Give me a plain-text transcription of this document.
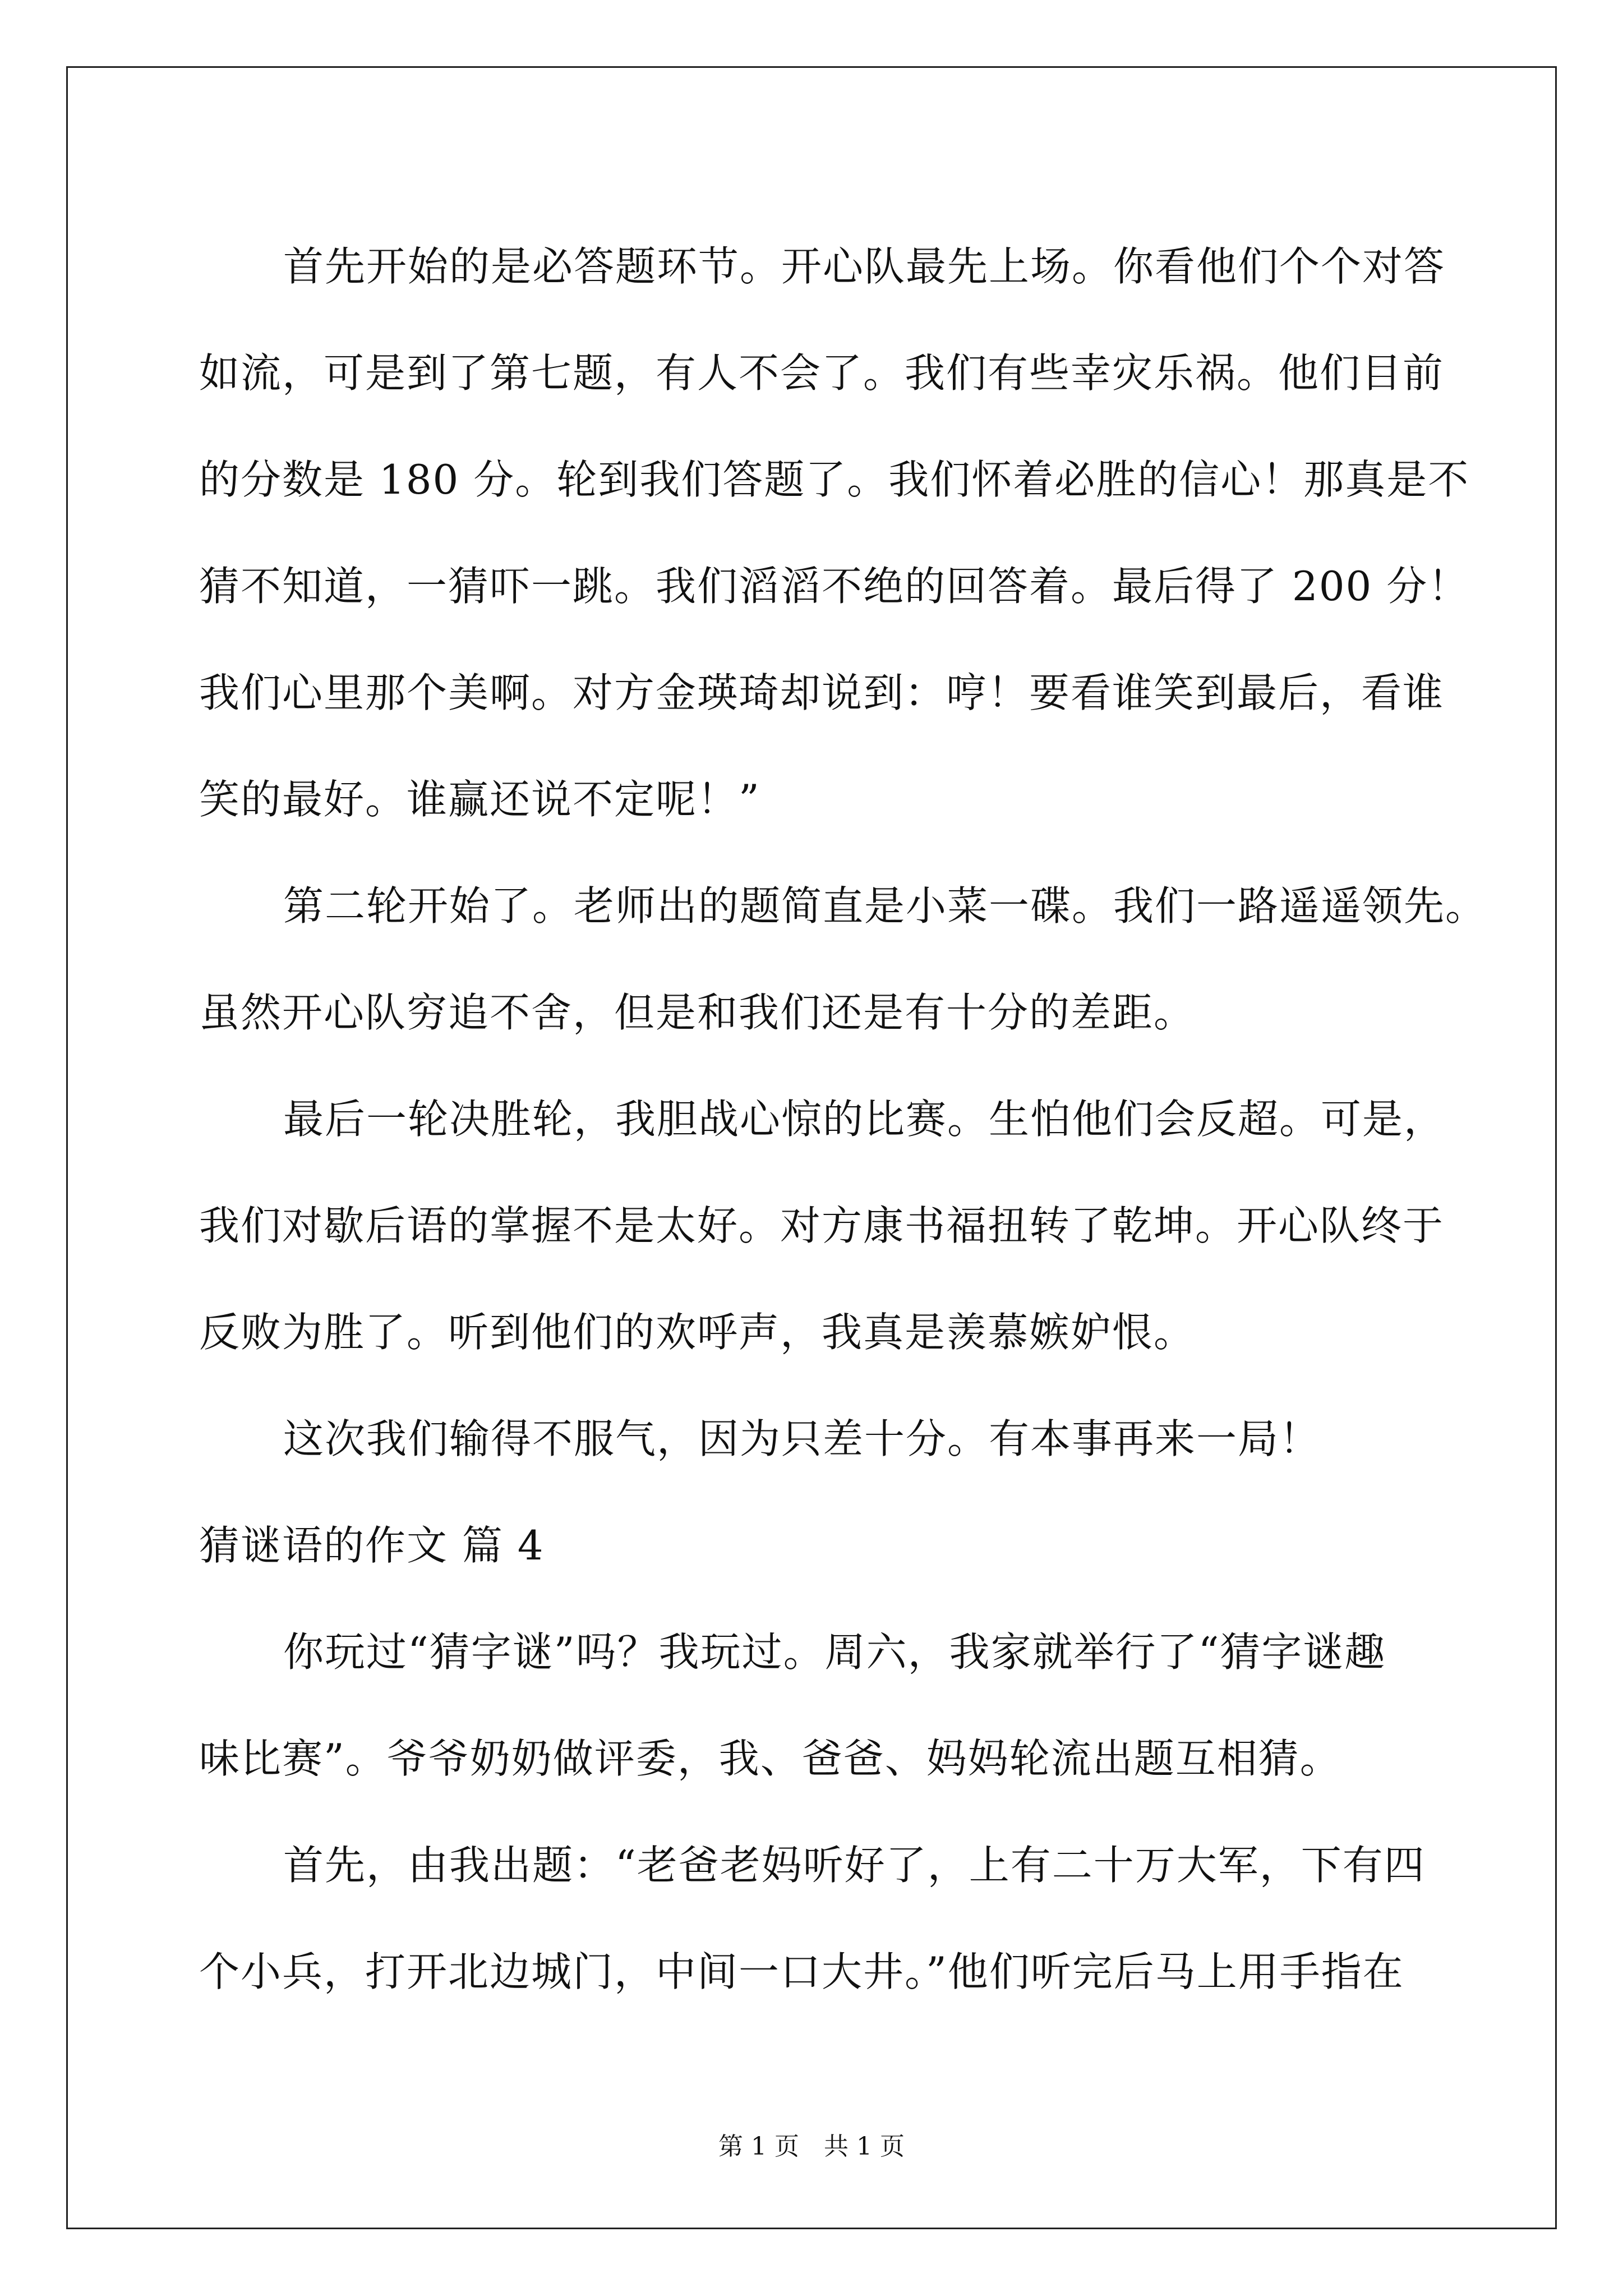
首先开始的是必答题环节。开心队最先上场。你看他们个个对答
如流，可是到了第七题，有人不会了。我们有些幸灾乐祸。他们目前
的分数是 180 分。轮到我们答题了。我们怀着必胜的信心！那真是不
猜不知道，一猜吓一跳。我们滔滔不绝的回答着。最后得了 200 分！
我们心里那个美啊。对方金瑛琦却说到：哼！要看谁笑到最后，看谁
笑的最好。谁赢还说不定呢！”
第二轮开始了。老师出的题简直是小菜一碟。我们一路遥遥领先。
虽然开心队穷追不舍，但是和我们还是有十分的差距。
最后一轮决胜轮，我胆战心惊的比赛。生怕他们会反超。可是，
我们对歇后语的掌握不是太好。对方康书福扭转了乾坤。开心队终于
反败为胜了。听到他们的欢呼声，我真是羡慕嫉妒恨。
这次我们输得不服气，因为只差十分。有本事再来一局！
猜谜语的作文 篇 4
你玩过“猜字谜”吗？我玩过。周六，我家就举行了“猜字谜趣
味比赛”。爷爷奶奶做评委，我、爸爸、妈妈轮流出题互相猜。
首先，由我出题：“老爸老妈听好了，上有二十万大军，下有四
个小兵，打开北边城门，中间一口大井。”他们听完后马上用手指在
第 1 页　共 1 页
